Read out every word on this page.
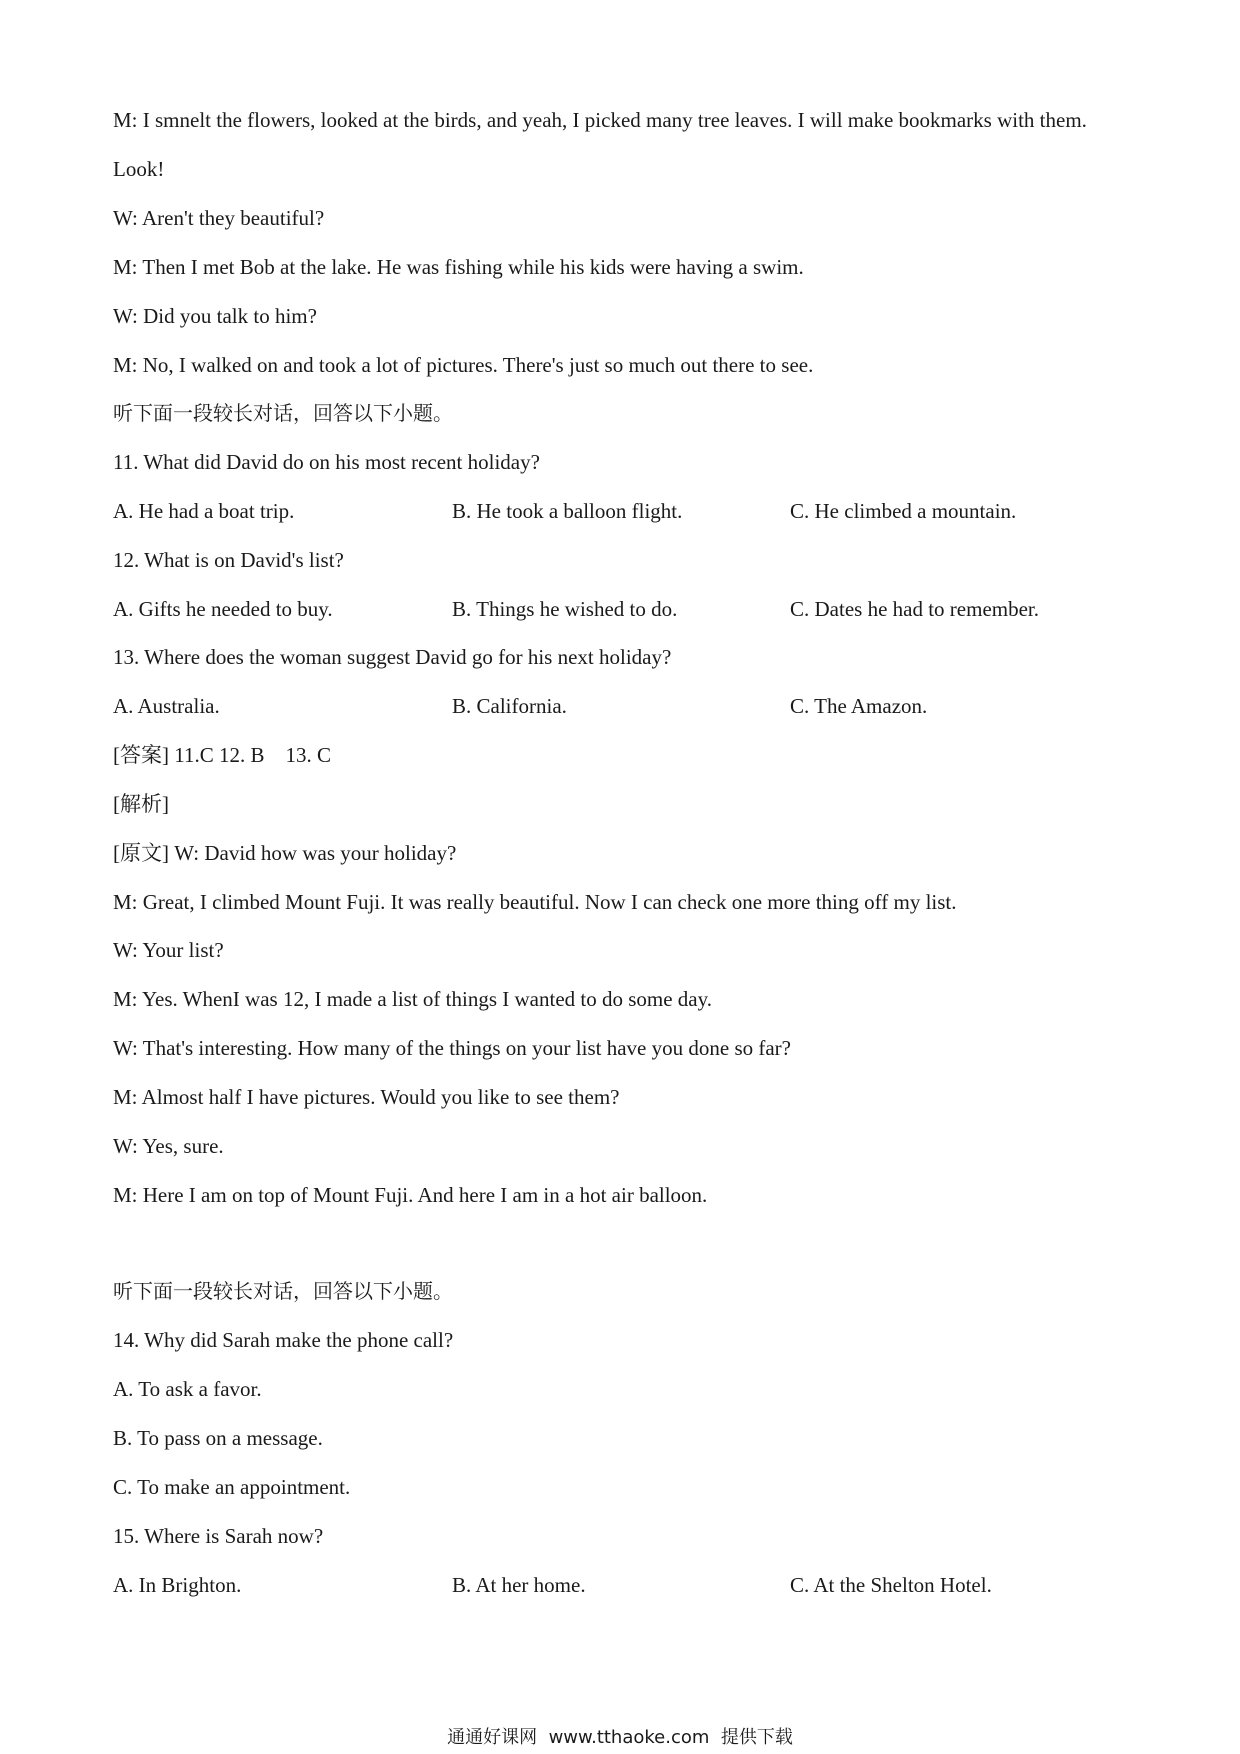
M: I smnelt the flowers, looked at the birds, and yeah, I picked many tree leaves. I will make bookmarks with them.
Look!
W: Aren't they beautiful?
M: Then I met Bob at the lake. He was fishing while his kids were having a swim.
W: Did you talk to him?
M: No, I walked on and took a lot of pictures. There's just so much out there to see.
听下面一段较长对话，回答以下小题。
11. What did David do on his most recent holiday?
A. He had a boat trip.	B. He took a balloon flight.	C. He climbed a mountain.
12. What is on David's list?
A. Gifts he needed to buy.	B. Things he wished to do.	C. Dates he had to remember.
13. Where does the woman suggest David go for his next holiday?
A. Australia.	B. California.	C. The Amazon.
[答案] 11.C 12. B    13. C
[解析]
[原文] W: David how was your holiday?
M: Great, I climbed Mount Fuji. It was really beautiful. Now I can check one more thing off my list.
W: Your list?
M: Yes. WhenI was 12, I made a list of things I wanted to do some day.
W: That's interesting. How many of the things on your list have you done so far?
M: Almost half I have pictures. Would you like to see them?
W: Yes, sure.
M: Here I am on top of Mount Fuji. And here I am in a hot air balloon.
听下面一段较长对话，回答以下小题。
14. Why did Sarah make the phone call?
A. To ask a favor.
B. To pass on a message.
C. To make an appointment.
15. Where is Sarah now?
A. In Brighton.	B. At her home.	C. At the Shelton Hotel.
通通好课网  www.tthaoke.com  提供下载
